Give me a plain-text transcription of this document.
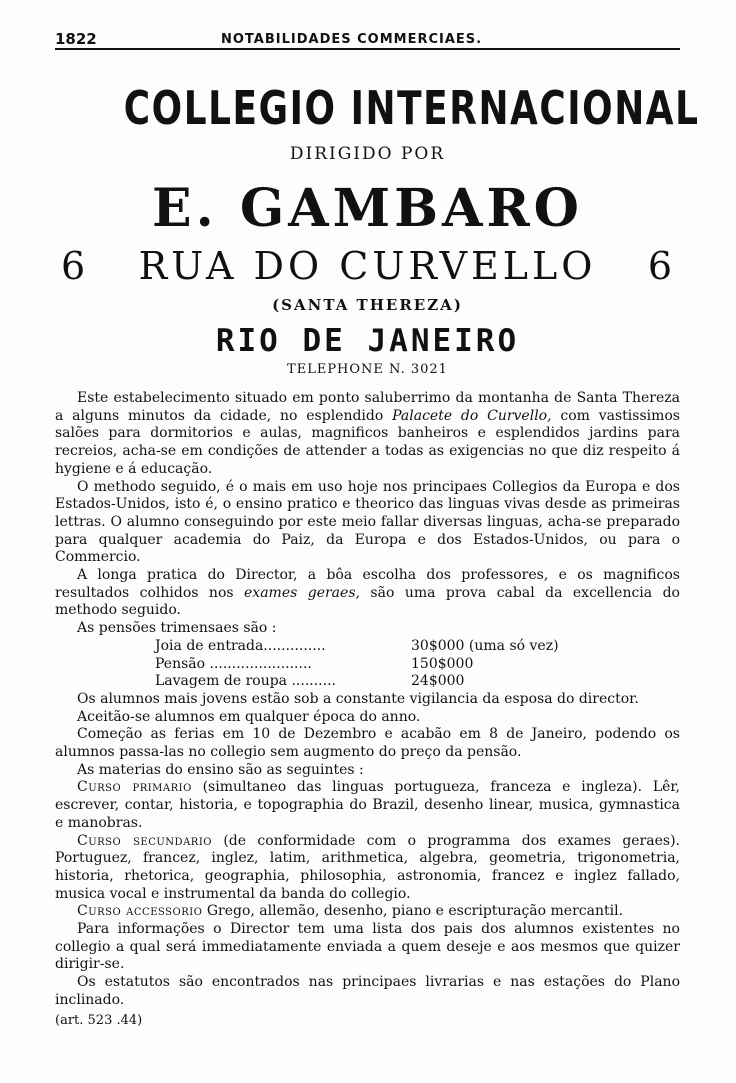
1822	NOTABILIDADES COMMERCIAES.
COLLEGIO INTERNACIONAL
DIRIGIDO POR
E. GAMBARO
6	RUA DO CURVELLO	6
(SANTA THEREZA)
RIO DE JANEIRO
TELEPHONE N. 3021

Este estabelecimento situado em ponto saluberrimo da montanha de Santa Thereza a alguns minutos da cidade, no esplendido Palacete do Curvello, com vastissimos salões para dormitorios e aulas, magnificos banheiros e esplendidos jardins para recreios, acha-se em condições de attender a todas as exigencias no que diz respeito á hygiene e á educação.

O methodo seguido, é o mais em uso hoje nos principaes Collegios da Europa e dos Estados-Unidos, isto é, o ensino pratico e theorico das linguas vivas desde as primeiras lettras. O alumno conseguindo por este meio fallar diversas linguas, acha-se preparado para qualquer academia do Paiz, da Europa e dos Estados-Unidos, ou para o Commercio.

A longa pratica do Director, a bôa escolha dos professores, e os magnificos resultados colhidos nos exames geraes, são uma prova cabal da excellencia do methodo seguido.

As pensões trimensaes são :
Joia de entrada..............	30$000 (uma só vez)
Pensão .......................	150$000
Lavagem de roupa ..........	24$000

Os alumnos mais jovens estão sob a constante vigilancia da esposa do director.

Aceitão-se alumnos em qualquer época do anno.

Começão as ferias em 10 de Dezembro e acabão em 8 de Janeiro, podendo os alumnos passa-las no collegio sem augmento do preço da pensão.

As materias do ensino são as seguintes :

Curso primario (simultaneo das linguas portugueza, franceza e ingleza). Lêr, escrever, contar, historia, e topographia do Brazil, desenho linear, musica, gymnastica e manobras.

Curso secundario (de conformidade com o programma dos exames geraes). Portuguez, francez, inglez, latim, arithmetica, algebra, geometria, trigonometria, historia, rhetorica, geographia, philosophia, astronomia, francez e inglez fallado, musica vocal e instrumental da banda do collegio.

Curso accessorio Grego, allemão, desenho, piano e escripturação mercantil.

Para informações o Director tem uma lista dos pais dos alumnos existentes no collegio a qual será immediatamente enviada a quem deseje e aos mesmos que quizer dirigir-se.

Os estatutos são encontrados nas principaes livrarias e nas estações do Plano inclinado.

(art. 523 .44)
